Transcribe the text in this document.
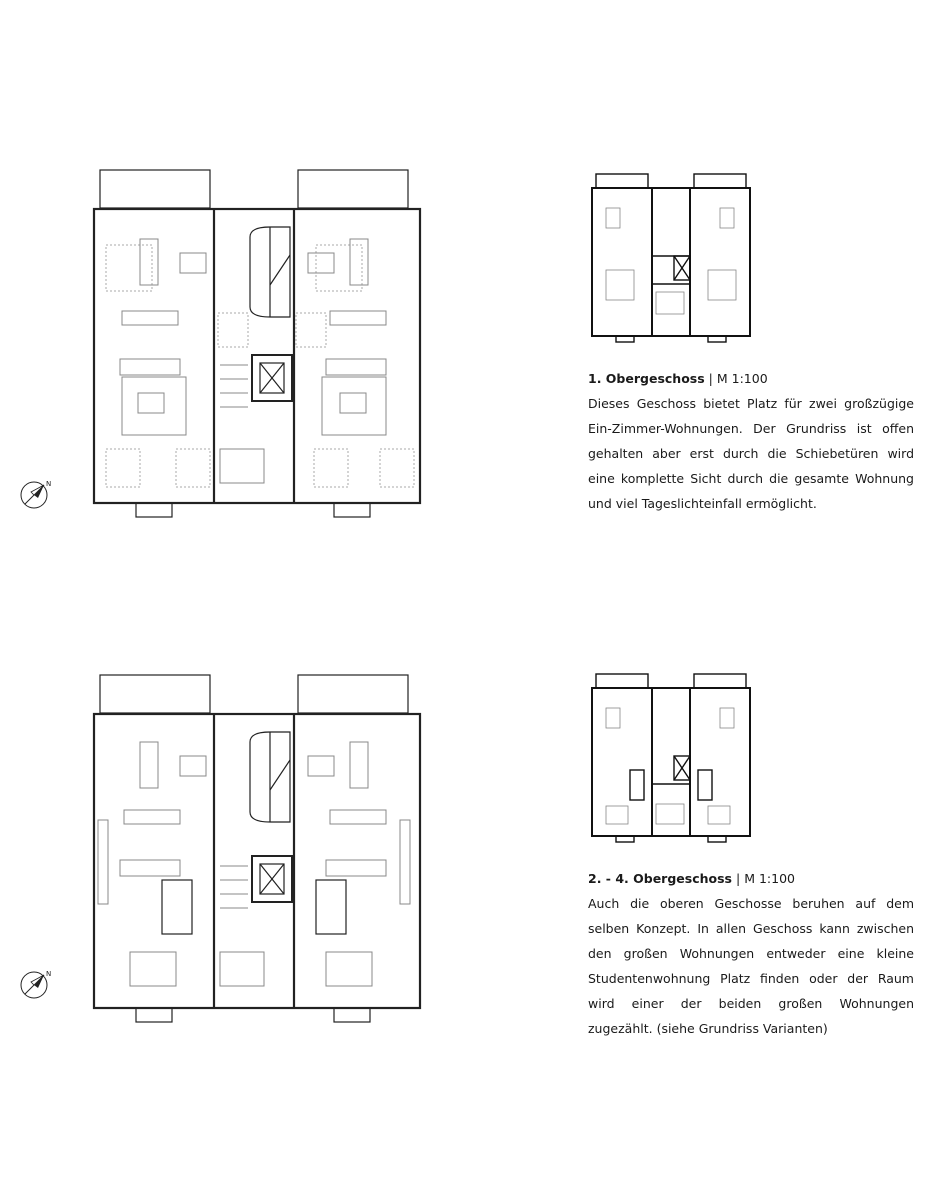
N

1. Obergeschoss | M 1:100

Dieses Geschoss bietet Platz für zwei großzügige Ein-Zimmer-Wohnungen. Der Grundriss ist offen gehalten aber erst durch die Schiebetüren wird eine komplette Sicht durch die gesamte Wohnung und viel Tageslichteinfall ermöglicht.

N

2. - 4. Obergeschoss | M 1:100

Auch die oberen Geschosse beruhen auf dem selben Konzept. In allen Geschoss kann zwischen den großen Wohnungen entweder eine kleine Studentenwohnung Platz finden oder der Raum wird einer der beiden großen Wohnungen zugezählt. (siehe Grundriss Varianten)
